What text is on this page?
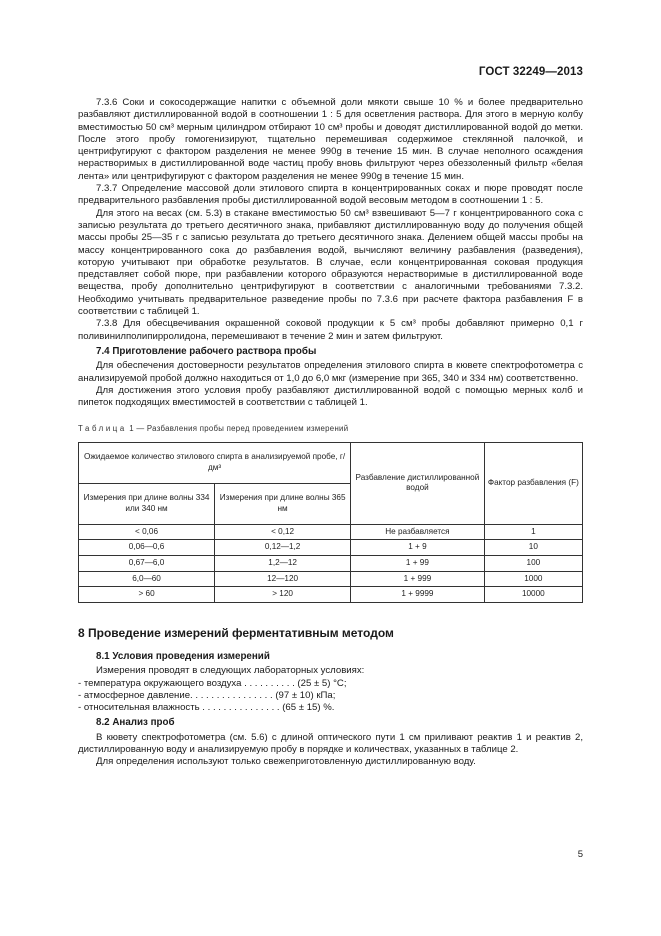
ГОСТ 32249—2013

7.3.6 Соки и сокосодержащие напитки с объемной доли мякоти свыше 10 % и более предварительно разбавляют дистиллированной водой в соотношении 1 : 5 для осветления раствора. Для этого в мерную колбу вместимостью 50 см³ мерным цилиндром отбирают 10 см³ пробы и доводят дистиллированной водой до метки. После этого пробу гомогенизируют, тщательно перемешивая содержимое стеклянной палочкой, и центрифугируют с фактором разделения не менее 990g в течение 15 мин. В случае неполного осаждения нерастворимых в дистиллированной воде частиц пробу вновь фильтруют через обеззоленный фильтр «белая лента» или центрифугируют с фактором разделения не менее 990g в течение 15 мин.

7.3.7 Определение массовой доли этилового спирта в концентрированных соках и пюре проводят после предварительного разбавления пробы дистиллированной водой весовым методом в соотношении 1 : 5.

Для этого на весах (см. 5.3) в стакане вместимостью 50 см³ взвешивают 5—7 г концентрированного сока с записью результата до третьего десятичного знака, прибавляют дистиллированную воду до получения общей массы пробы 25—35 г с записью результата до третьего десятичного знака. Делением общей массы пробы на массу концентрированного сока до разбавления водой, вычисляют величину разбавления (разведения), которую учитывают при обработке результатов. В случае, если концентрированная соковая продукция представляет собой пюре, при разбавлении которого образуются нерастворимые в дистиллированной воде вещества, пробу дополнительно центрифугируют в соответствии с аналогичными требованиями 7.3.2. Необходимо учитывать предварительное разведение пробы по 7.3.6 при расчете фактора разбавления F в соответствии с таблицей 1.

7.3.8 Для обесцвечивания окрашенной соковой продукции к 5 см³ пробы добавляют примерно 0,1 г поливинилполипирролидона, перемешивают в течение 2 мин и затем фильтруют.

7.4 Приготовление рабочего раствора пробы

Для обеспечения достоверности результатов определения этилового спирта в кювете спектрофотометра с анализируемой пробой должно находиться от 1,0 до 6,0 мкг (измерение при 365, 340 и 334 нм) соответственно.

Для достижения этого условия пробу разбавляют дистиллированной водой с помощью мерных колб и пипеток подходящих вместимостей в соответствии с таблицей 1.

Таблица 1 — Разбавления пробы перед проведением измерений

Ожидаемое количество этилового спирта в анализируемой пробе, г/дм³		Разбавление дистиллированной водой	Фактор разбавления (F)
Измерения при длине волны 334 или 340 нм	Измерения при длине волны 365 нм		
< 0,06	< 0,12	Не разбавляется	1
0,06—0,6	0,12—1,2	1 + 9	10
0,67—6,0	1,2—12	1 + 99	100
6,0—60	12—120	1 + 999	1000
> 60	> 120	1 + 9999	10000

8 Проведение измерений ферментативным методом

8.1 Условия проведения измерений

Измерения проводят в следующих лабораторных условиях:

- температура окружающего воздуха . . . . . . . . . . (25 ± 5) °С;

- атмосферное давление. . . . . . . . . . . . . . . . (97 ± 10) кПа;

- относительная влажность . . . . . . . . . . . . . . . (65 ± 15) %.

8.2 Анализ проб

В кювету спектрофотометра (см. 5.6) с длиной оптического пути 1 см приливают реактив 1 и реактив 2, дистиллированную воду и анализируемую пробу в порядке и количествах, указанных в таблице 2.

Для определения используют только свежеприготовленную дистиллированную воду.

5
